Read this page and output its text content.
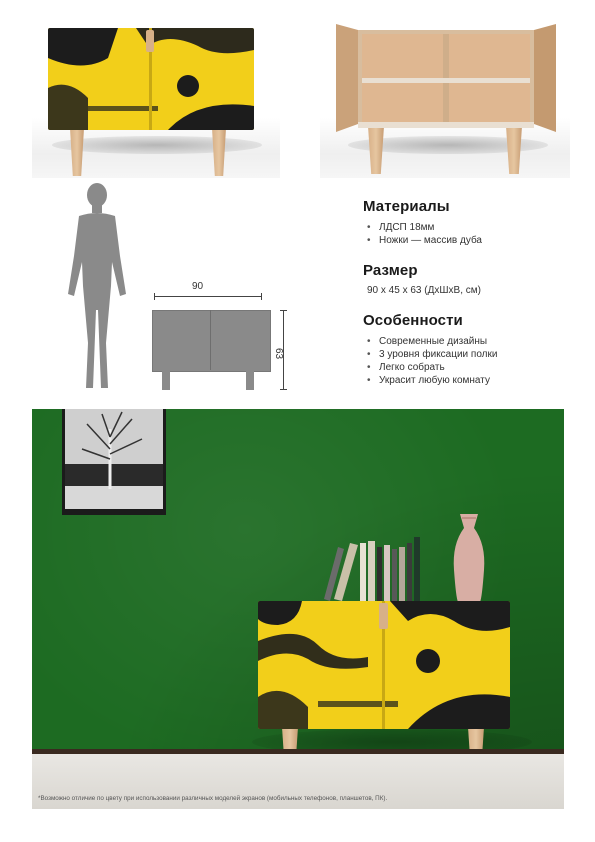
90
63
Материалы
• ЛДСП 18мм
• Ножки — массив дуба
Размер
90 х 45 х 63 (ДхШхВ, см)
Особенности
• Современные дизайны
• 3 уровня фиксации полки
• Легко собрать
• Украсит любую комнату
*Возможно отличие по цвету при использовании различных моделей экранов (мобильных телефонов, планшетов, ПК).
